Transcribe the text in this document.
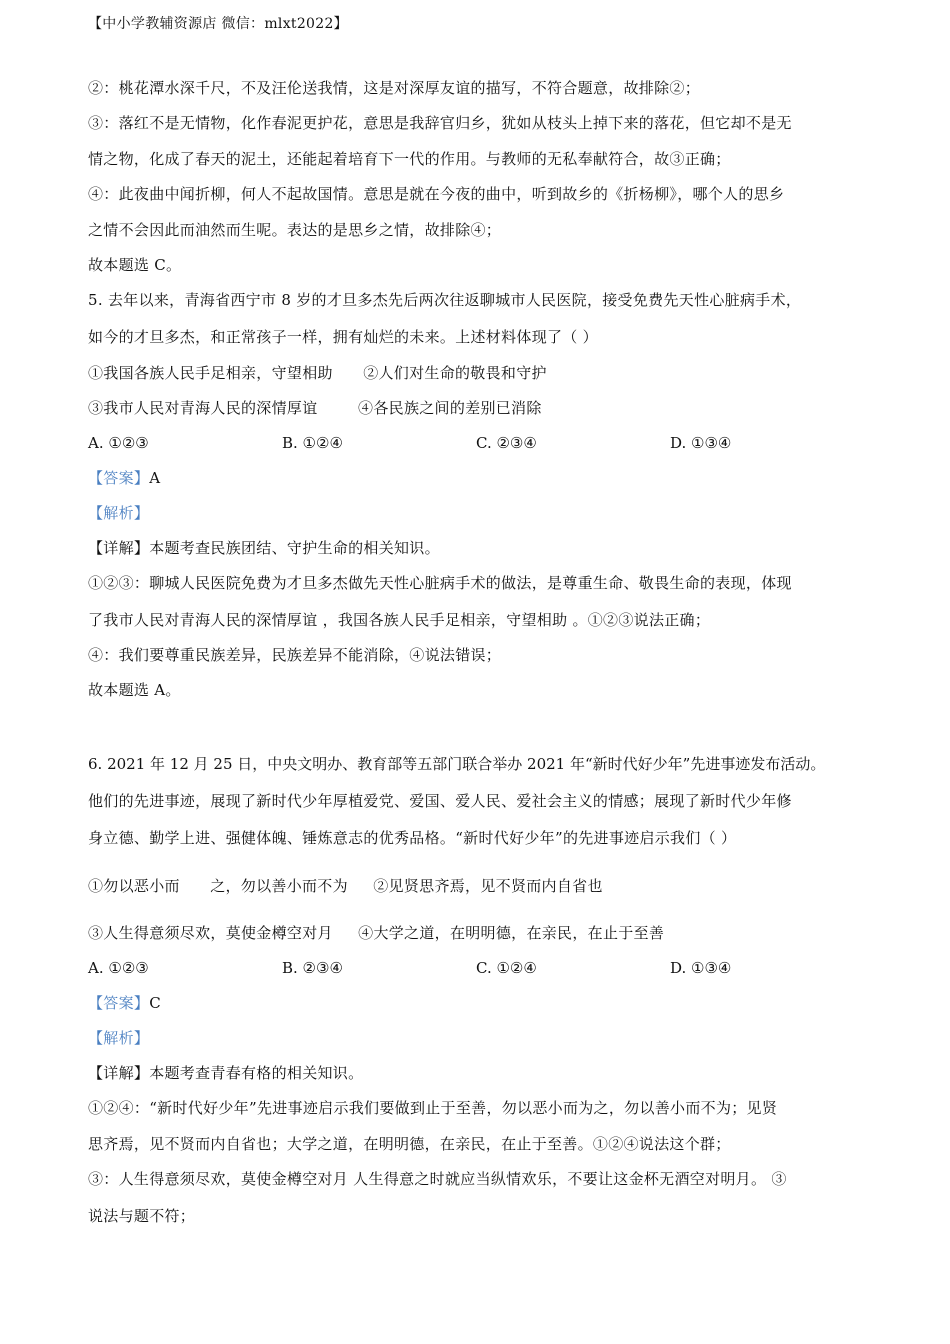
【中小学教辅资源店 微信：mlxt2022】
②：桃花潭水深千尺，不及汪伦送我情，这是对深厚友谊的描写，不符合题意，故排除②；
③：落红不是无情物，化作春泥更护花，意思是我辞官归乡，犹如从枝头上掉下来的落花，但它却不是无
情之物，化成了春天的泥土，还能起着培育下一代的作用。与教师的无私奉献符合，故③正确；
④：此夜曲中闻折柳，何人不起故国情。意思是就在今夜的曲中，听到故乡的《折杨柳》，哪个人的思乡
之情不会因此而油然而生呢。表达的是思乡之情，故排除④；
故本题选 C。
5. 去年以来，青海省西宁市 8 岁的才旦多杰先后两次往返聊城市人民医院，接受免费先天性心脏病手术，
如今的才旦多杰，和正常孩子一样，拥有灿烂的未来。上述材料体现了（ ）
①我国各族人民手足相亲，守望相助      ②人们对生命的敬畏和守护
③我市人民对青海人民的深情厚谊        ④各民族之间的差别已消除
A. ①②③	B. ①②④	C. ②③④	D. ①③④
【答案】A
【解析】
【详解】本题考查民族团结、守护生命的相关知识。
①②③：聊城人民医院免费为才旦多杰做先天性心脏病手术的做法，是尊重生命、敬畏生命的表现，体现
了我市人民对青海人民的深情厚谊 ，我国各族人民手足相亲，守望相助 。①②③说法正确；
④：我们要尊重民族差异，民族差异不能消除，④说法错误；
故本题选 A。
6. 2021 年 12 月 25 日，中央文明办、教育部等五部门联合举办 2021 年“新时代好少年”先进事迹发布活动。
他们的先进事迹，展现了新时代少年厚植爱党、爱国、爱人民、爱社会主义的情感；展现了新时代少年修
身立德、勤学上进、强健体魄、锤炼意志的优秀品格。“新时代好少年”的先进事迹启示我们（ ）
①勿以恶小而      之，勿以善小而不为     ②见贤思齐焉，见不贤而内自省也
③人生得意须尽欢，莫使金樽空对月     ④大学之道，在明明德，在亲民，在止于至善
A. ①②③	B. ②③④	C. ①②④	D. ①③④
【答案】C
【解析】
【详解】本题考查青春有格的相关知识。
①②④：“新时代好少年”先进事迹启示我们要做到止于至善，勿以恶小而为之，勿以善小而不为；见贤
思齐焉，见不贤而内自省也；大学之道，在明明德，在亲民，在止于至善。①②④说法这个群；
③：人生得意须尽欢，莫使金樽空对月 人生得意之时就应当纵情欢乐，不要让这金杯无酒空对明月。 ③
说法与题不符；
